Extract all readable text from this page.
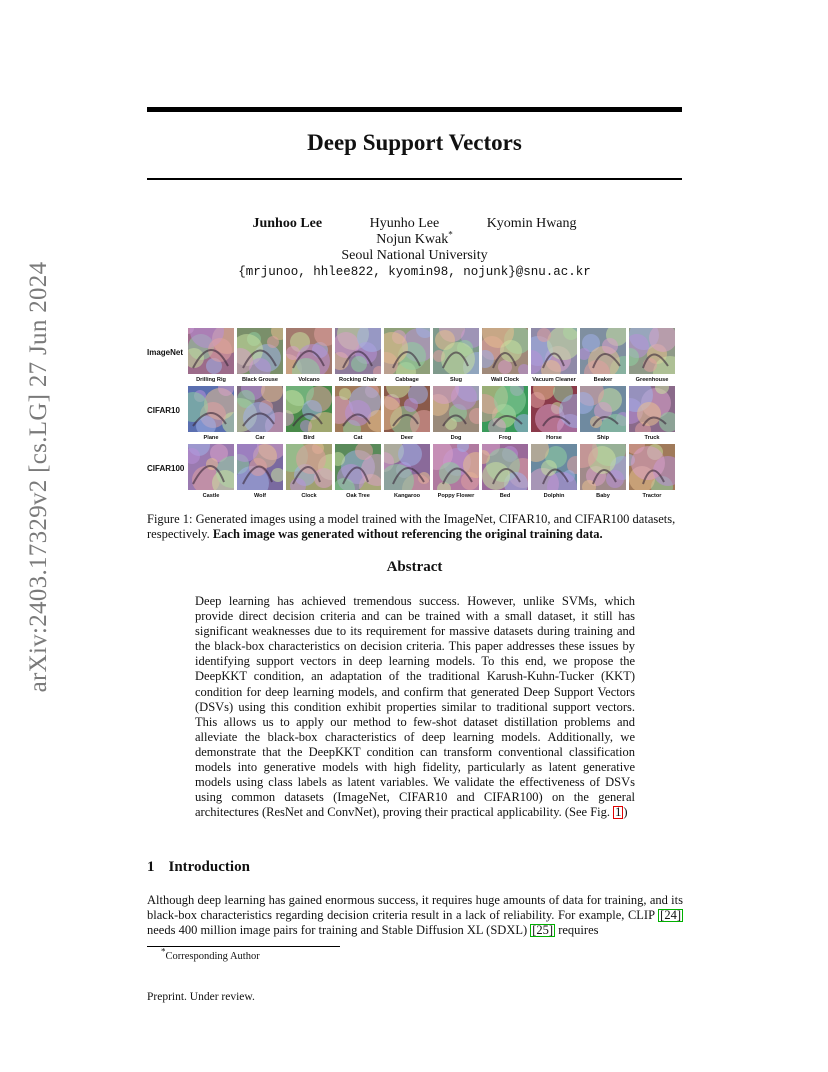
arXiv:2403.17329v2 [cs.LG] 27 Jun 2024
Deep Support Vectors
Junhoo Lee	Hyunho Lee	Kyomin Hwang
Nojun Kwak*
Seoul National University
{mrjunoo, hhlee822, kyomin98, nojunk}@snu.ac.kr
ImageNet
Drilling Rig	Black Grouse	Volcano	Rocking Chair	Cabbage	Slug	Wall Clock	Vacuum Cleaner	Beaker	Greenhouse
CIFAR10
Plane	Car	Bird	Cat	Deer	Dog	Frog	Horse	Ship	Truck
CIFAR100
Castle	Wolf	Clock	Oak Tree	Kangaroo	Poppy Flower	Bed	Dolphin	Baby	Tractor
Figure 1: Generated images using a model trained with the ImageNet, CIFAR10, and CIFAR100 datasets, respectively. Each image was generated without referencing the original training data.
Abstract
Deep learning has achieved tremendous success. However, unlike SVMs, which provide direct decision criteria and can be trained with a small dataset, it still has significant weaknesses due to its requirement for massive datasets during training and the black-box characteristics on decision criteria. This paper addresses these issues by identifying support vectors in deep learning models. To this end, we propose the DeepKKT condition, an adaptation of the traditional Karush-Kuhn-Tucker (KKT) condition for deep learning models, and confirm that generated Deep Support Vectors (DSVs) using this condition exhibit properties similar to traditional support vectors. This allows us to apply our method to few-shot dataset distillation problems and alleviate the black-box characteristics of deep learning models. Additionally, we demonstrate that the DeepKKT condition can transform conventional classification models into generative models with high fidelity, particularly as latent generative models using class labels as latent variables. We validate the effectiveness of DSVs using common datasets (ImageNet, CIFAR10 and CIFAR100) on the general architectures (ResNet and ConvNet), proving their practical applicability. (See Fig. 1 )
1 Introduction
Although deep learning has gained enormous success, it requires huge amounts of data for training, and its black-box characteristics regarding decision criteria result in a lack of reliability. For example, CLIP [24] needs 400 million image pairs for training and Stable Diffusion XL (SDXL) [25] requires
*Corresponding Author
Preprint. Under review.
